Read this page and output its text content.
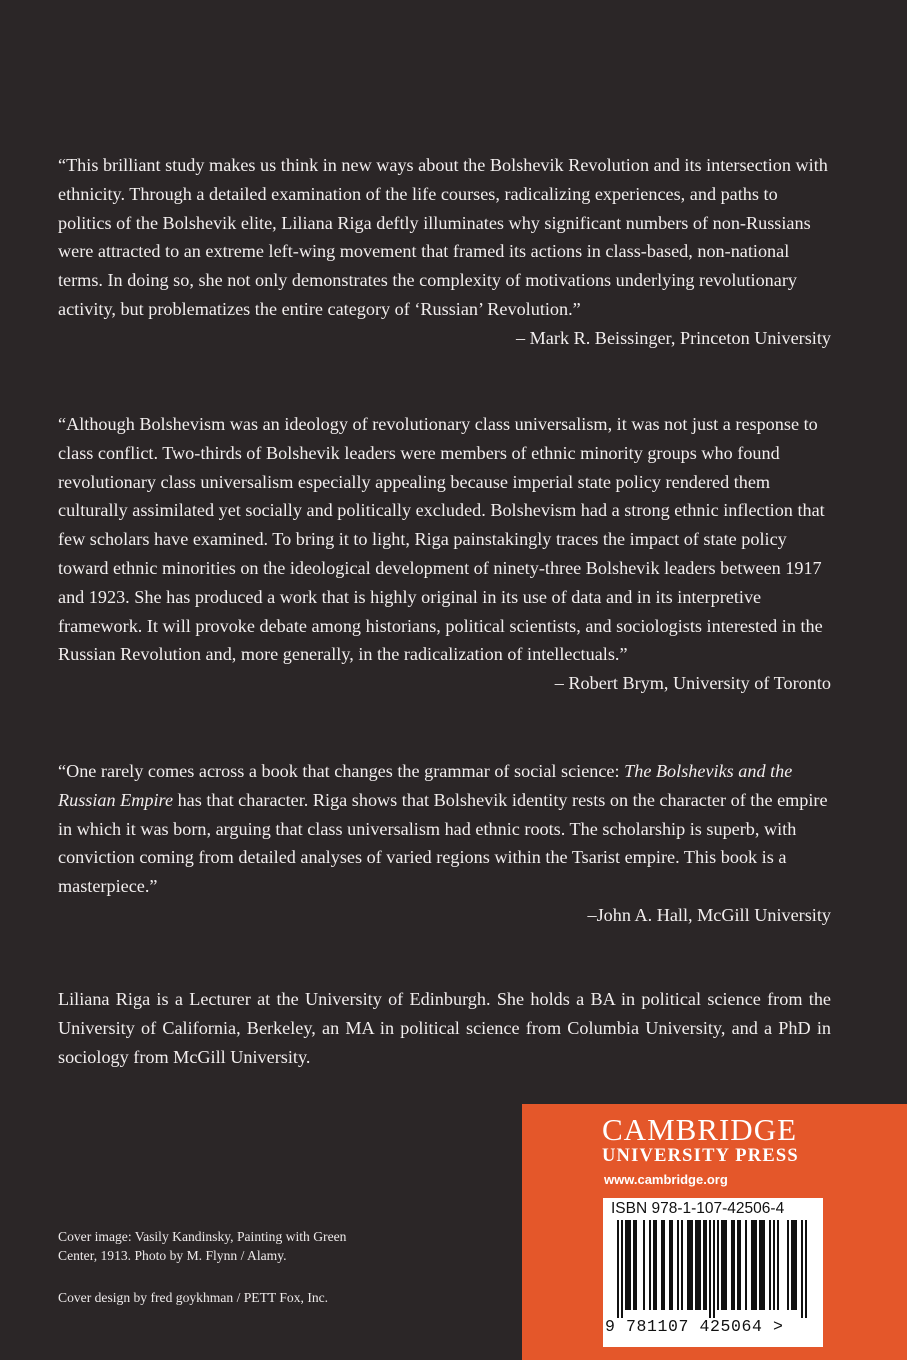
“This brilliant study makes us think in new ways about the Bolshevik Revolution and its intersection with ethnicity. Through a detailed examination of the life courses, radicalizing experiences, and paths to politics of the Bolshevik elite, Liliana Riga deftly illuminates why significant numbers of non-Russians were attracted to an extreme left-wing movement that framed its actions in class-based, non-national terms. In doing so, she not only demonstrates the complexity of motivations underlying revolutionary activity, but problematizes the entire category of ‘Russian’ Revolution.”

– Mark R. Beissinger, Princeton University

“Although Bolshevism was an ideology of revolutionary class universalism, it was not just a response to class conflict. Two-thirds of Bolshevik leaders were members of ethnic minority groups who found revolutionary class universalism especially appealing because imperial state policy rendered them culturally assimilated yet socially and politically excluded. Bolshevism had a strong ethnic inflection that few scholars have examined. To bring it to light, Riga painstakingly traces the impact of state policy toward ethnic minorities on the ideological development of ninety-three Bolshevik leaders between 1917 and 1923. She has produced a work that is highly original in its use of data and in its interpretive framework. It will provoke debate among historians, political scientists, and sociologists interested in the Russian Revolution and, more generally, in the radicalization of intellectuals.”

– Robert Brym, University of Toronto

“One rarely comes across a book that changes the grammar of social science: The Bolsheviks and the Russian Empire has that character. Riga shows that Bolshevik identity rests on the character of the empire in which it was born, arguing that class universalism had ethnic roots. The scholarship is superb, with conviction coming from detailed analyses of varied regions within the Tsarist empire. This book is a masterpiece.”

–John A. Hall, McGill University

Liliana Riga is a Lecturer at the University of Edinburgh. She holds a BA in political science from the University of California, Berkeley, an MA in political science from Columbia University, and a PhD in sociology from McGill University.
Cover image: Vasily Kandinsky, Painting with Green Center, 1913. Photo by M. Flynn / Alamy.
Cover design by fred goykhman / PETT Fox, Inc.
CAMBRIDGE
UNIVERSITY PRESS
www.cambridge.org
ISBN 978-1-107-42506-4
9 781107 425064 >
